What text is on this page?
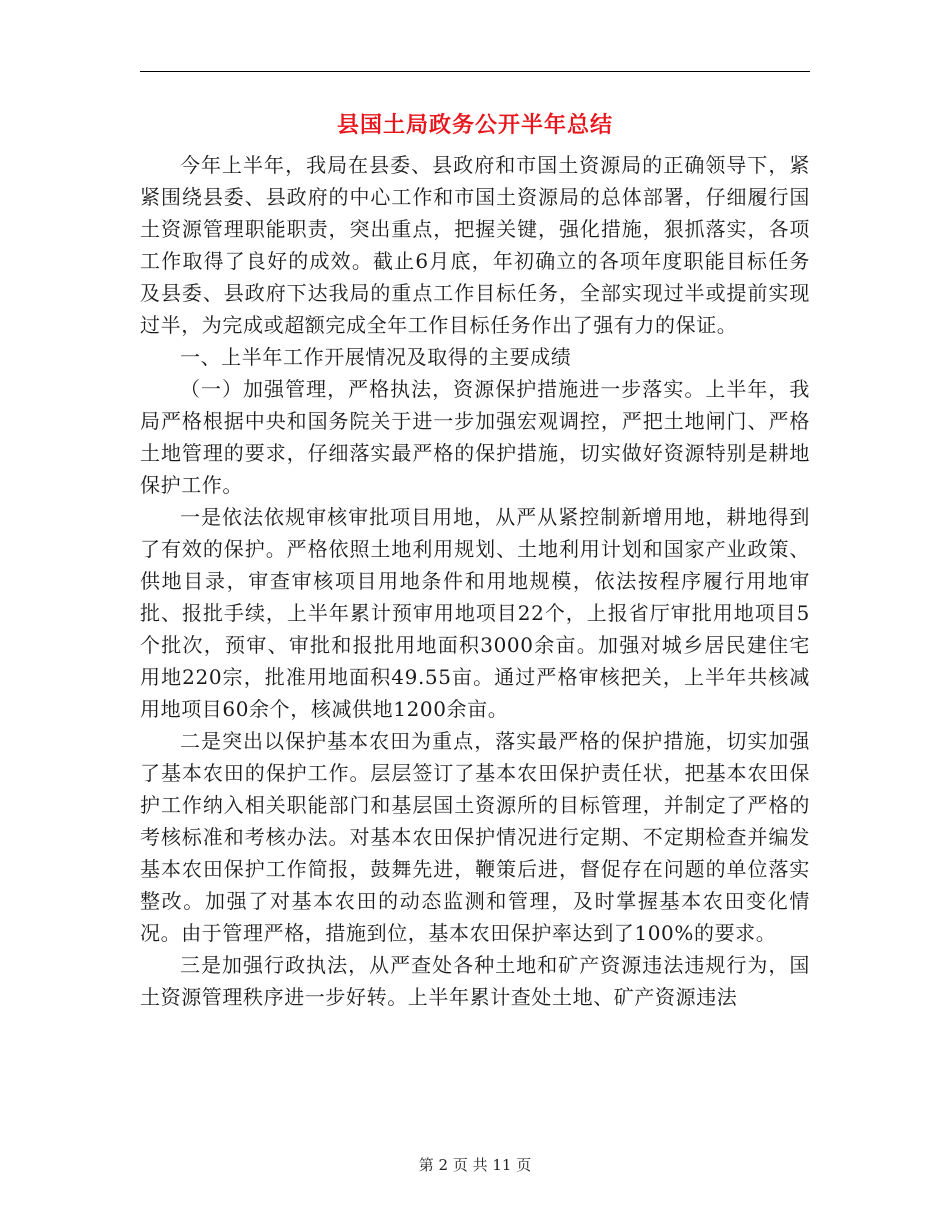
县国土局政务公开半年总结

今年上半年，我局在县委、县政府和市国土资源局的正确领导下，紧紧围绕县委、县政府的中心工作和市国土资源局的总体部署，仔细履行国土资源管理职能职责，突出重点，把握关键，强化措施，狠抓落实，各项工作取得了良好的成效。截止6月底，年初确立的各项年度职能目标任务及县委、县政府下达我局的重点工作目标任务，全部实现过半或提前实现过半，为完成或超额完成全年工作目标任务作出了强有力的保证。

一、上半年工作开展情况及取得的主要成绩

（一）加强管理，严格执法，资源保护措施进一步落实。上半年，我局严格根据中央和国务院关于进一步加强宏观调控，严把土地闸门、严格土地管理的要求，仔细落实最严格的保护措施，切实做好资源特别是耕地保护工作。

一是依法依规审核审批项目用地，从严从紧控制新增用地，耕地得到了有效的保护。严格依照土地利用规划、土地利用计划和国家产业政策、供地目录，审查审核项目用地条件和用地规模，依法按程序履行用地审批、报批手续，上半年累计预审用地项目22个，上报省厅审批用地项目5个批次，预审、审批和报批用地面积3000余亩。加强对城乡居民建住宅用地220宗，批准用地面积49.55亩。通过严格审核把关，上半年共核减用地项目60余个，核减供地1200余亩。

二是突出以保护基本农田为重点，落实最严格的保护措施，切实加强了基本农田的保护工作。层层签订了基本农田保护责任状，把基本农田保护工作纳入相关职能部门和基层国土资源所的目标管理，并制定了严格的考核标准和考核办法。对基本农田保护情况进行定期、不定期检查并编发基本农田保护工作简报，鼓舞先进，鞭策后进，督促存在问题的单位落实整改。加强了对基本农田的动态监测和管理，及时掌握基本农田变化情况。由于管理严格，措施到位，基本农田保护率达到了100%的要求。

三是加强行政执法，从严查处各种土地和矿产资源违法违规行为，国土资源管理秩序进一步好转。上半年累计查处土地、矿产资源违法

第 2 页 共 11 页
